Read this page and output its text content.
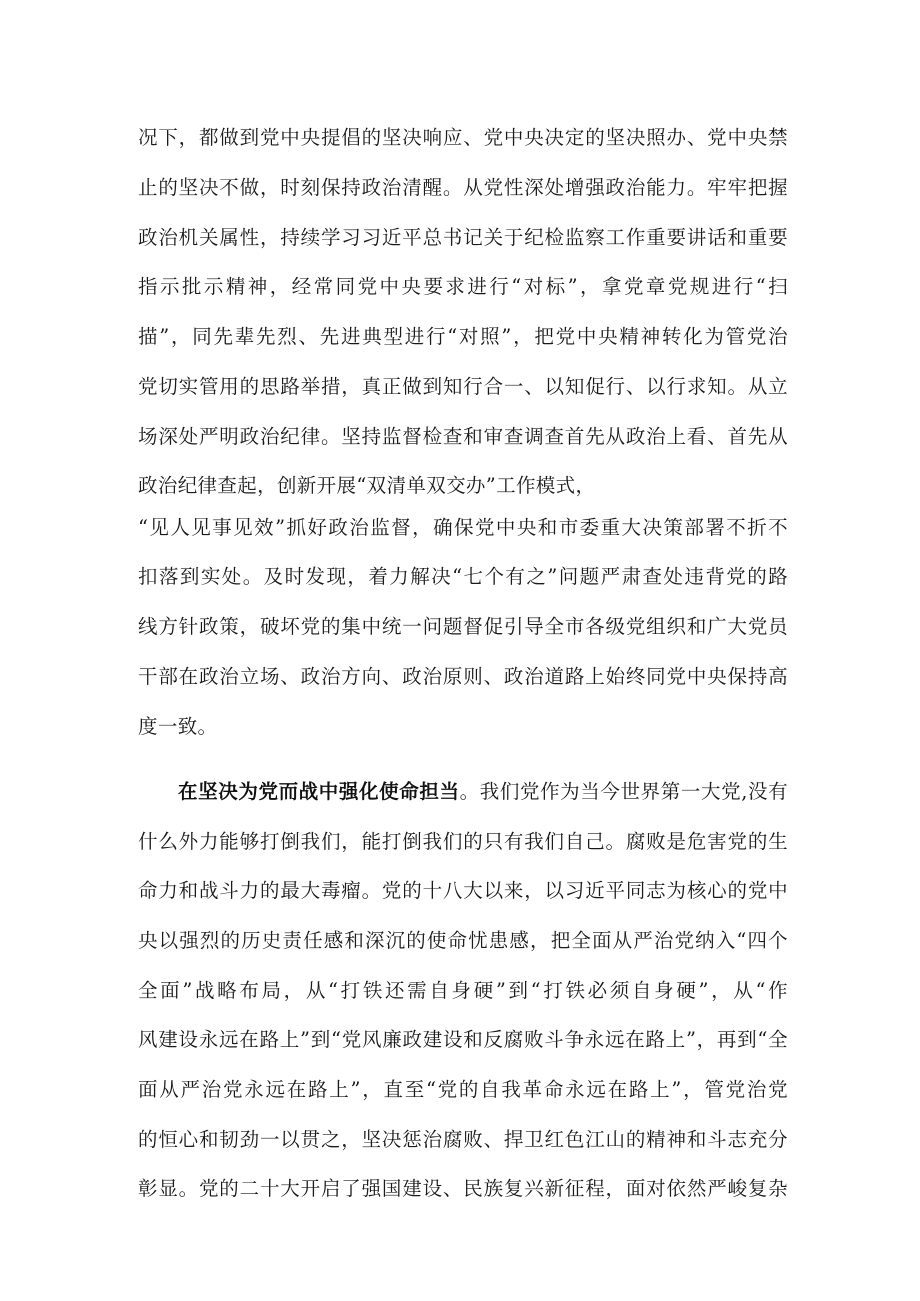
况下，都做到党中央提倡的坚决响应、党中央决定的坚决照办、党中央禁
止的坚决不做，时刻保持政治清醒。从党性深处增强政治能力。牢牢把握
政治机关属性，持续学习习近平总书记关于纪检监察工作重要讲话和重要
指示批示精神，经常同党中央要求进行“对标”，拿党章党规进行“扫
描”，同先辈先烈、先进典型进行“对照”，把党中央精神转化为管党治
党切实管用的思路举措，真正做到知行合一、以知促行、以行求知。从立
场深处严明政治纪律。坚持监督检查和审查调查首先从政治上看、首先从
政治纪律查起，创新开展“双清单双交办”工作模式，
“见人见事见效”抓好政治监督，确保党中央和市委重大决策部署不折不
扣落到实处。及时发现，着力解决“七个有之”问题严肃查处违背党的路
线方针政策，破坏党的集中统一问题督促引导全市各级党组织和广大党员
干部在政治立场、政治方向、政治原则、政治道路上始终同党中央保持高
度一致。
在坚决为党而战中强化使命担当。我们党作为当今世界第一大党,没有
什么外力能够打倒我们，能打倒我们的只有我们自己。腐败是危害党的生
命力和战斗力的最大毒瘤。党的十八大以来，以习近平同志为核心的党中
央以强烈的历史责任感和深沉的使命忧患感，把全面从严治党纳入“四个
全面”战略布局，从“打铁还需自身硬”到“打铁必须自身硬”，从“作
风建设永远在路上”到“党风廉政建设和反腐败斗争永远在路上”，再到“全
面从严治党永远在路上”，直至“党的自我革命永远在路上”，管党治党
的恒心和韧劲一以贯之，坚决惩治腐败、捍卫红色江山的精神和斗志充分
彰显。党的二十大开启了强国建设、民族复兴新征程，面对依然严峻复杂
